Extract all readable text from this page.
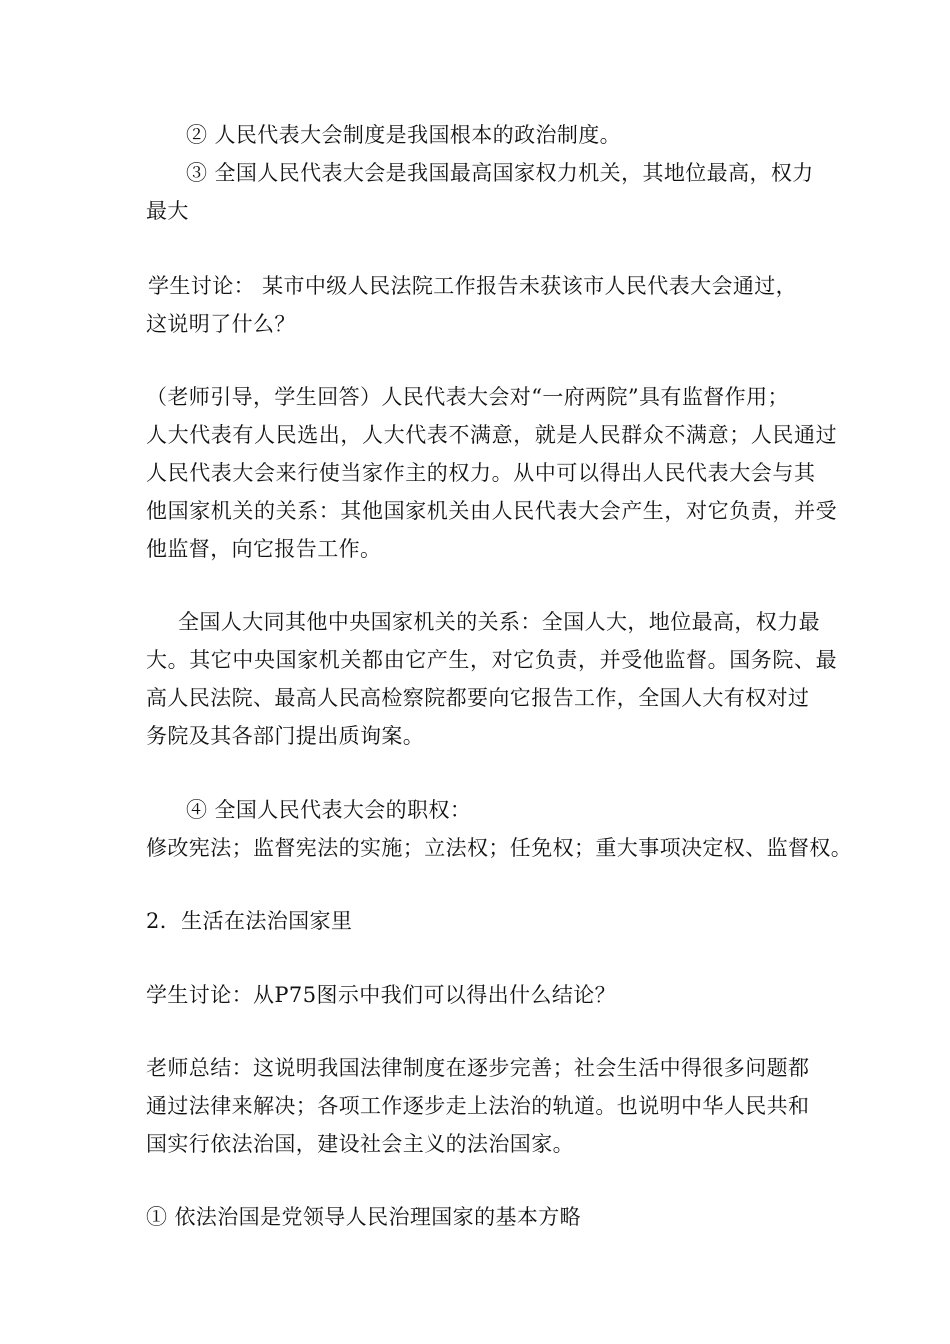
② 人民代表大会制度是我国根本的政治制度。
③ 全国人民代表大会是我国最高国家权力机关，其地位最高，权力
最大
学生讨论： 某市中级人民法院工作报告未获该市人民代表大会通过，
这说明了什么？
（老师引导，学生回答）人民代表大会对“一府两院”具有监督作用；
人大代表有人民选出，人大代表不满意，就是人民群众不满意；人民通过
人民代表大会来行使当家作主的权力。从中可以得出人民代表大会与其
他国家机关的关系：其他国家机关由人民代表大会产生，对它负责，并受
他监督，向它报告工作。
全国人大同其他中央国家机关的关系：全国人大，地位最高，权力最
大。其它中央国家机关都由它产生，对它负责，并受他监督。国务院、最
高人民法院、最高人民高检察院都要向它报告工作，全国人大有权对过
务院及其各部门提出质询案。
④ 全国人民代表大会的职权：
修改宪法；监督宪法的实施；立法权；任免权；重大事项决定权、监督权。
2．生活在法治国家里
学生讨论：从P75图示中我们可以得出什么结论？
老师总结：这说明我国法律制度在逐步完善；社会生活中得很多问题都
通过法律来解决；各项工作逐步走上法治的轨道。也说明中华人民共和
国实行依法治国，建设社会主义的法治国家。
① 依法治国是党领导人民治理国家的基本方略
